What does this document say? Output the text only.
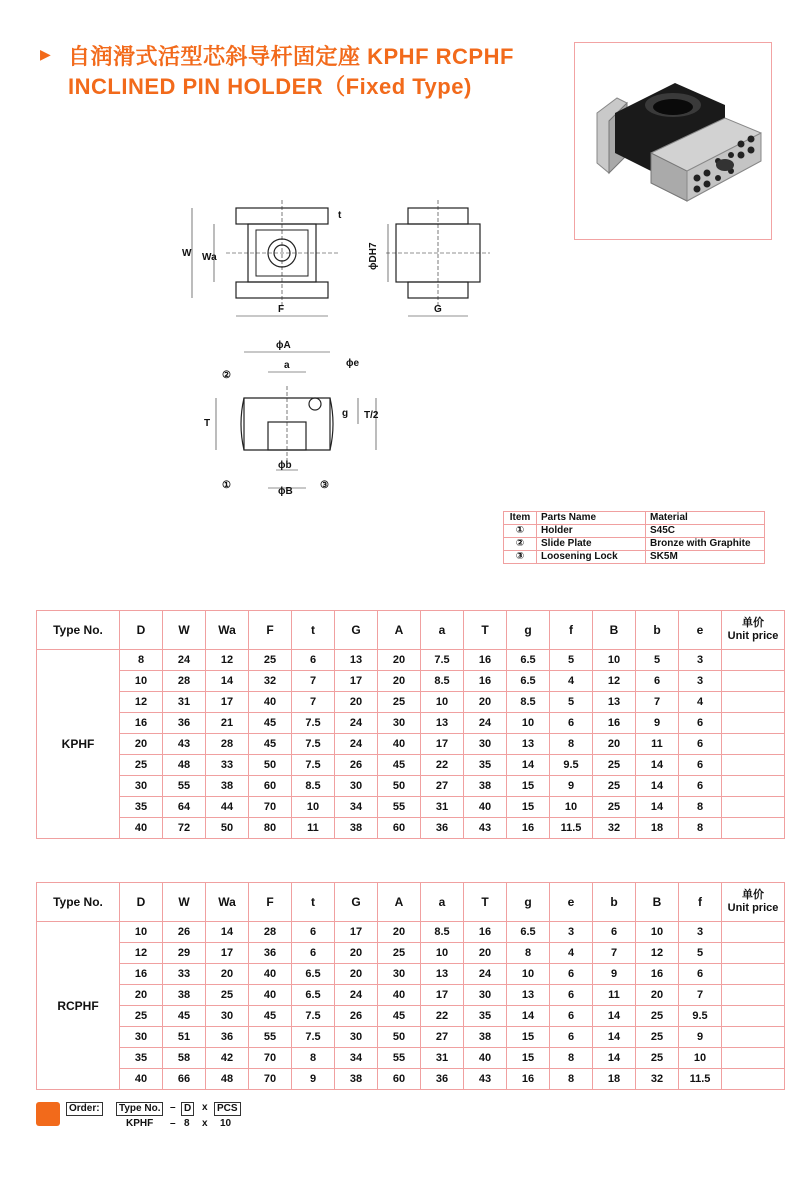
▶ 自润滑式活型芯斜导杆固定座 KPHF RCPHF
INCLINED PIN HOLDER（Fixed Type)
W Wa
t
F
ϕDH7
G
ϕA
a	ϕe
T
g T/2
ϕb
ϕB
②
①	③
Item	Parts Name	Material
①	Holder	S45C
②	Slide Plate	Bronze with Graphite
③	Loosening Lock	SK5M
Type No.	D	W	Wa	F	t	G	A	a	T	g	f	B	b	e	单价
Unit price

KPHF	8	24	12	25	6	13	20	7.5	16	6.5	5	10	5	3	
	10	28	14	32	7	17	20	8.5	16	6.5	4	12	6	3	
	12	31	17	40	7	20	25	10	20	8.5	5	13	7	4	
	16	36	21	45	7.5	24	30	13	24	10	6	16	9	6	
	20	43	28	45	7.5	24	40	17	30	13	8	20	11	6	
	25	48	33	50	7.5	26	45	22	35	14	9.5	25	14	6	
	30	55	38	60	8.5	30	50	27	38	15	9	25	14	6	
	35	64	44	70	10	34	55	31	40	15	10	25	14	8	
	40	72	50	80	11	38	60	36	43	16	11.5	32	18	8	
Type No.	D	W	Wa	F	t	G	A	a	T	g	e	b	B	f	单价
Unit price

RCPHF	10	26	14	28	6	17	20	8.5	16	6.5	3	6	10	3	
	12	29	17	36	6	20	25	10	20	8	4	7	12	5	
	16	33	20	40	6.5	20	30	13	24	10	6	9	16	6	
	20	38	25	40	6.5	24	40	17	30	13	6	11	20	7	
	25	45	30	45	7.5	26	45	22	35	14	6	14	25	9.5	
	30	51	36	55	7.5	30	50	27	38	15	6	14	25	9	
	35	58	42	70	8	34	55	31	40	15	8	14	25	10	
	40	66	48	70	9	38	60	36	43	16	8	18	32	11.5	
Order:	Type No. – D	x PCS
KPHF – 8 x 10
